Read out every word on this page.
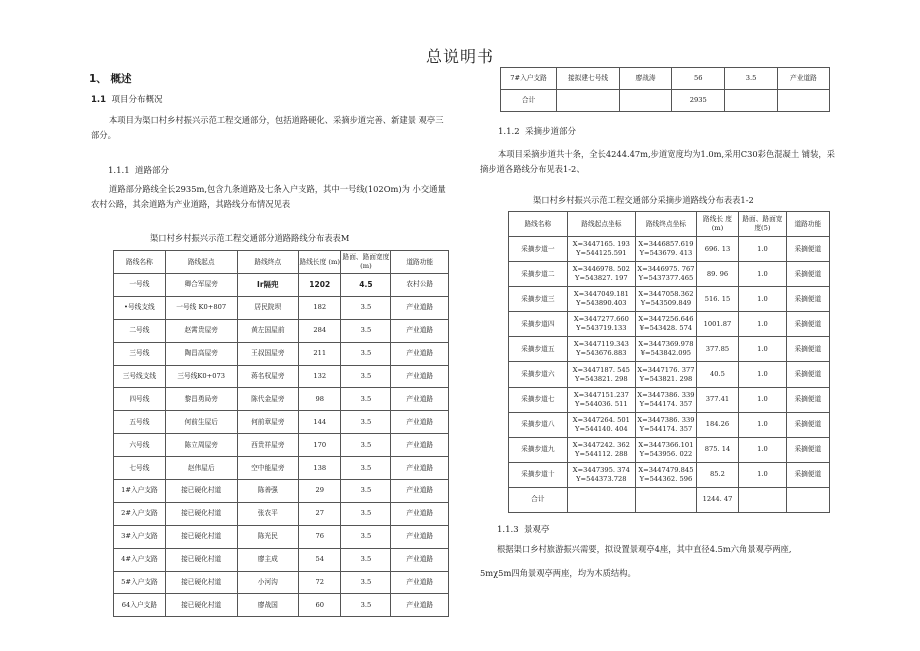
总说明书
1、 概述
1.1 项目分布概况
本项目为渠口村乡村振兴示范工程交通部分，包括道路硬化、采摘步道完善、新建景 观亭三部分。
1.1.1 道路部分
道路部分路线全长2935m,包含九条道路及七条入户支路，其中一号线(102Om)为 小交通量农村公路，其余道路为产业道路，其路线分布情况见表
渠口村乡村振兴示范工程交通部分道路路线分布表表M
路线名称	路线起点	路线终点	路线长度 (m)	路面、路面宽度(m)	道路功能
一号线	卿合军屋旁	Ir隔兜	1202	4.5	农村公路
•号线支线	一号线 K0+807	居民院坝	182	3.5	产业道路
二号线	赵霄贵屋旁	黄左国屋前	284	3.5	产业道路
三号线	陶昌高屋旁	王叔国屋旁	211	3.5	产业道路
三号线支线	三号线K0+073	蒋名权屋旁	132	3.5	产业道路
四号线	黎昌勇局旁	陈代金屋旁	98	3.5	产业道路
五号线	何前生屋后	何前章屋旁	144	3.5	产业道路
六号线	陈立周屋旁	西贵祥屋旁	170	3.5	产业道路
七号线	赵伟屋后	空中能屋旁	138	3.5	产业道路
1#入户支路	接已硬化村道	陈善强	29	3.5	产业道路
2#入户支路	接已硬化村道	张农平	27	3.5	产业道路
3#入户支路	接已硬化村道	陈光民	76	3.5	产业道路
4#入户支路	接已硬化村道	廖主成	54	3.5	产业道路
5#入户支路	接已硬化村道	小河沟	72	3.5	产业道路
64入户支路	接已硬化村道	廖战国	60	3.5	产业道路
7#入户支路	接拟建七号线	廖战涛	56	3.5	产业道路
合计			2935		
1.1.2 采摘步道部分
本项目采摘步道共十条，全长4244.47m,步道宽度均为1.0m,采用C30彩色混凝土 铺装，采摘步道各路线分布见表1-2、
渠口村乡村振兴示范工程交通部分采摘步道路线分布表表1-2
路线名称	路线起点坐标	路线终点坐标	路线长 度 (m)	路面、路面宽度(5)	道路功能
采摘步道一	X=3447165. 193
Y=544125.591	X=3446857.619
Y=543679. 413	696. 13	1.0	采摘便道
采摘步道二	X=3446978. 502
Y=543827. 197	X=3446975. 767
Y=5437377.465	89. 96	1.0	采摘便道
采摘步道三	X=3447049.181
Y=543890.403	X=3447058.362
Y=543509.849	516. 15	1.0	采摘便道
采摘步道四	X=3447277.660
Y=543719.133	X=3447256.646
¥=543428. 574	1001.87	1.0	采摘便道
采摘步道五	X=3447119.343
Y=543676.883	X=3447369.978
¥=543842.095	377.85	1.0	采摘便道
采摘步道六	X=3447187. 545
Y=543821. 298	X=3447176. 377
Y=543821. 298	40.5	1.0	采摘便道
采摘步道七	X=3447151.237
Y=544036. 511	X=3447386. 339
Y=544174. 357	377.41	1.0	采摘便道
采摘步道八	X=3447264. 501
Y=544140. 404	X=3447386. 339
Y=544174. 357	184.26	1.0	采摘便道
采摘步道九	X=3447242. 362
Y=544112. 288	X=3447366.101
Y=543956. 022	875. 14	1.0	采摘便道
采摘步道十	X=3447395. 374
Y=544373.728	X=3447479.845
Y=544362. 596	85.2	1.0	采摘便道
合计			1244. 47		
1.1.3 景观亭
根据渠口乡村旅游振兴需要，拟设置景观亭4座，其中直径4.5m六角景观亭两座,
5mχ5m四角景观亭两座，均为木质结构。
